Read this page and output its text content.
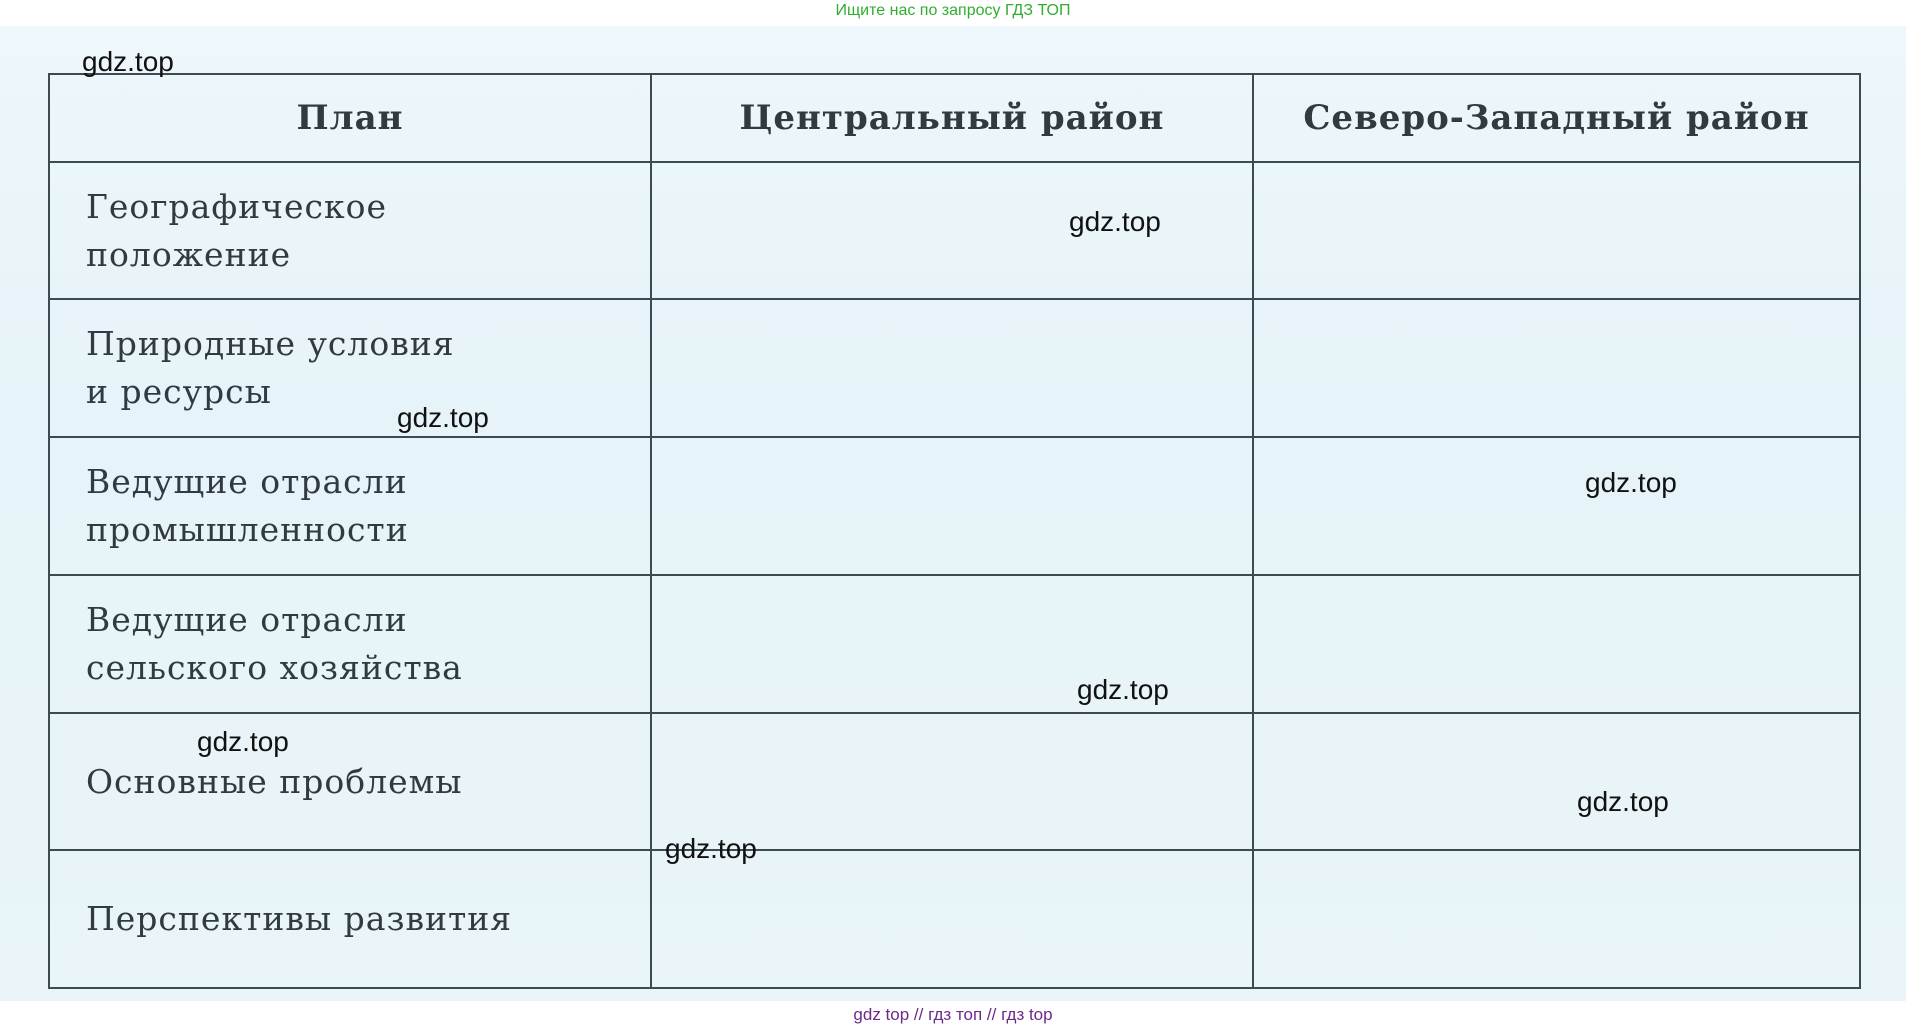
Ищите нас по запросу ГДЗ ТОП
План	Центральный район	Северо-Западный район

Географическое
положение		

Природные условия
и ресурсы		

Ведущие отрасли
промышленности		

Ведущие отрасли
сельского хозяйства		

Основные проблемы		

Перспективы развития		

gdz.top
gdz.top
gdz.top
gdz.top
gdz.top
gdz.top
gdz.top
gdz.top
gdz top // гдз топ // гдз top
